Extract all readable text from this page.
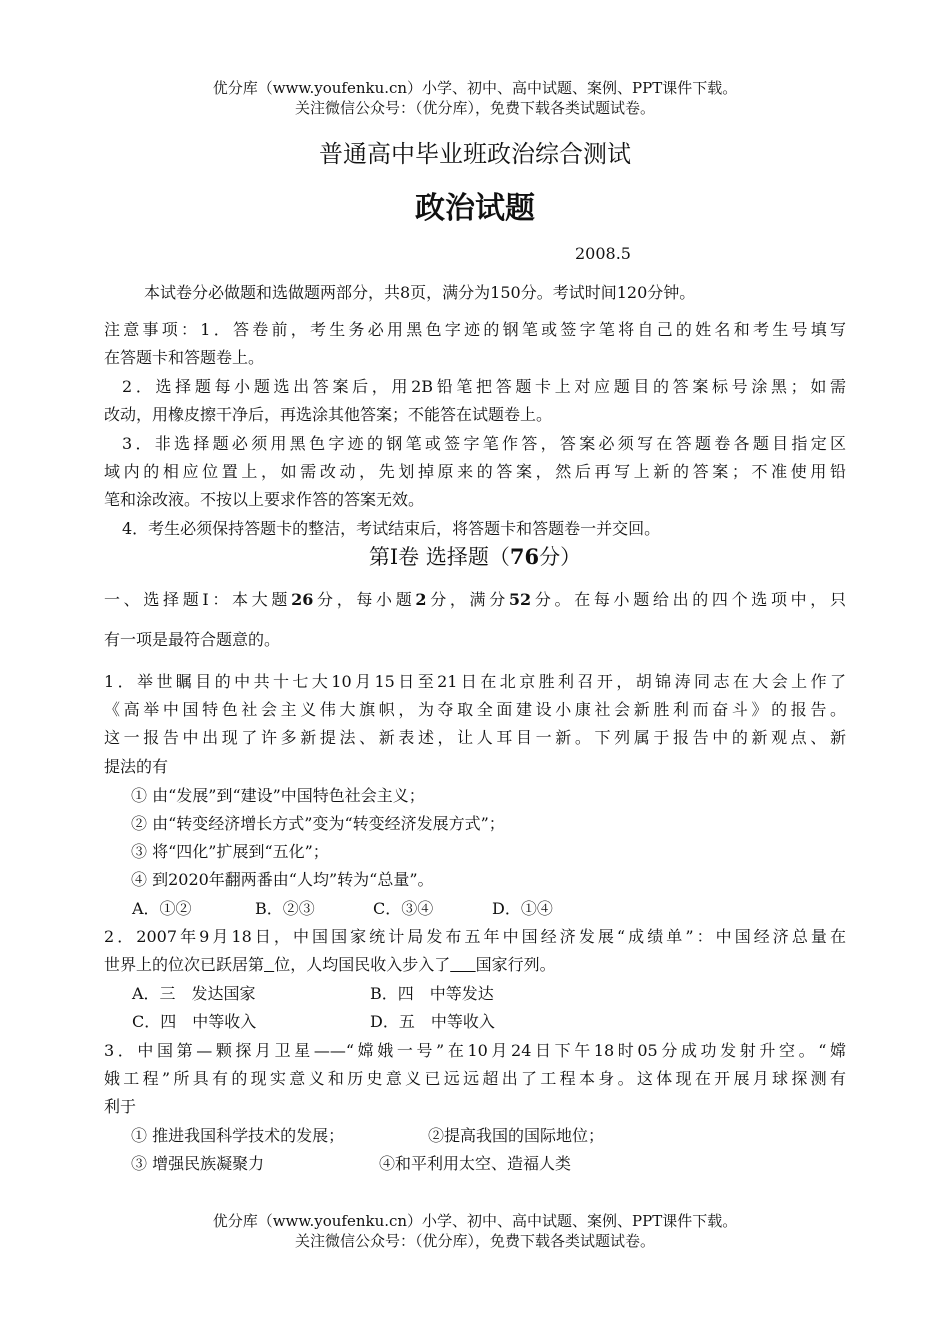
优分库（www.youfenku.cn）小学、初中、高中试题、案例、PPT课件下载。
关注微信公众号：（优分库），免费下载各类试题试卷。
普通高中毕业班政治综合测试
政治试题
2008.5
本试卷分必做题和选做题两部分，共8页，满分为150分。考试时间120分钟。
注意事项：1．答卷前，考生务必用黑色字迹的钢笔或签字笔将自己的姓名和考生号填写
在答题卡和答题卷上。
2．选择题每小题选出答案后，用2B铅笔把答题卡上对应题目的答案标号涂黑；如需
改动，用橡皮擦干净后，再选涂其他答案；不能答在试题卷上。
3．非选择题必须用黑色字迹的钢笔或签字笔作答，答案必须写在答题卷各题目指定区
域内的相应位置上，如需改动，先划掉原来的答案，然后再写上新的答案；不准使用铅
笔和涂改液。不按以上要求作答的答案无效。
4．考生必须保持答题卡的整洁，考试结束后，将答题卡和答题卷一并交回。
第Ⅰ卷 选择题（76分）
一、选择题Ⅰ：本大题26分，每小题2分，满分52分。在每小题给出的四个选项中，只
有一项是最符合题意的。
1．举世瞩目的中共十七大10月15日至21日在北京胜利召开，胡锦涛同志在大会上作了
《高举中国特色社会主义伟大旗帜，为夺取全面建设小康社会新胜利而奋斗》的报告。
这一报告中出现了许多新提法、新表述，让人耳目一新。下列属于报告中的新观点、新
提法的有
① 由“发展”到“建设”中国特色社会主义；
② 由“转变经济增长方式”变为“转变经济发展方式”；
③ 将“四化”扩展到“五化”；
④ 到2020年翻两番由“人均”转为“总量”。
A．①②	B．②③	C．③④	D．①④
2．2007年9月18日，中国国家统计局发布五年中国经济发展“成绩单”：中国经济总量在
世界上的位次已跃居第 位，人均国民收入步入了 国家行列。
A．三　发达国家	B．四　中等发达
C．四　中等收入	D．五　中等收入
3．中国第—颗探月卫星——“嫦娥一号”在10月24日下午18时05分成功发射升空。“嫦
娥工程”所具有的现实意义和历史意义已远远超出了工程本身。这体现在开展月球探测有
利于
① 推进我国科学技术的发展；	②提高我国的国际地位；
③ 增强民族凝聚力	④和平利用太空、造福人类
优分库（www.youfenku.cn）小学、初中、高中试题、案例、PPT课件下载。
关注微信公众号：（优分库），免费下载各类试题试卷。
